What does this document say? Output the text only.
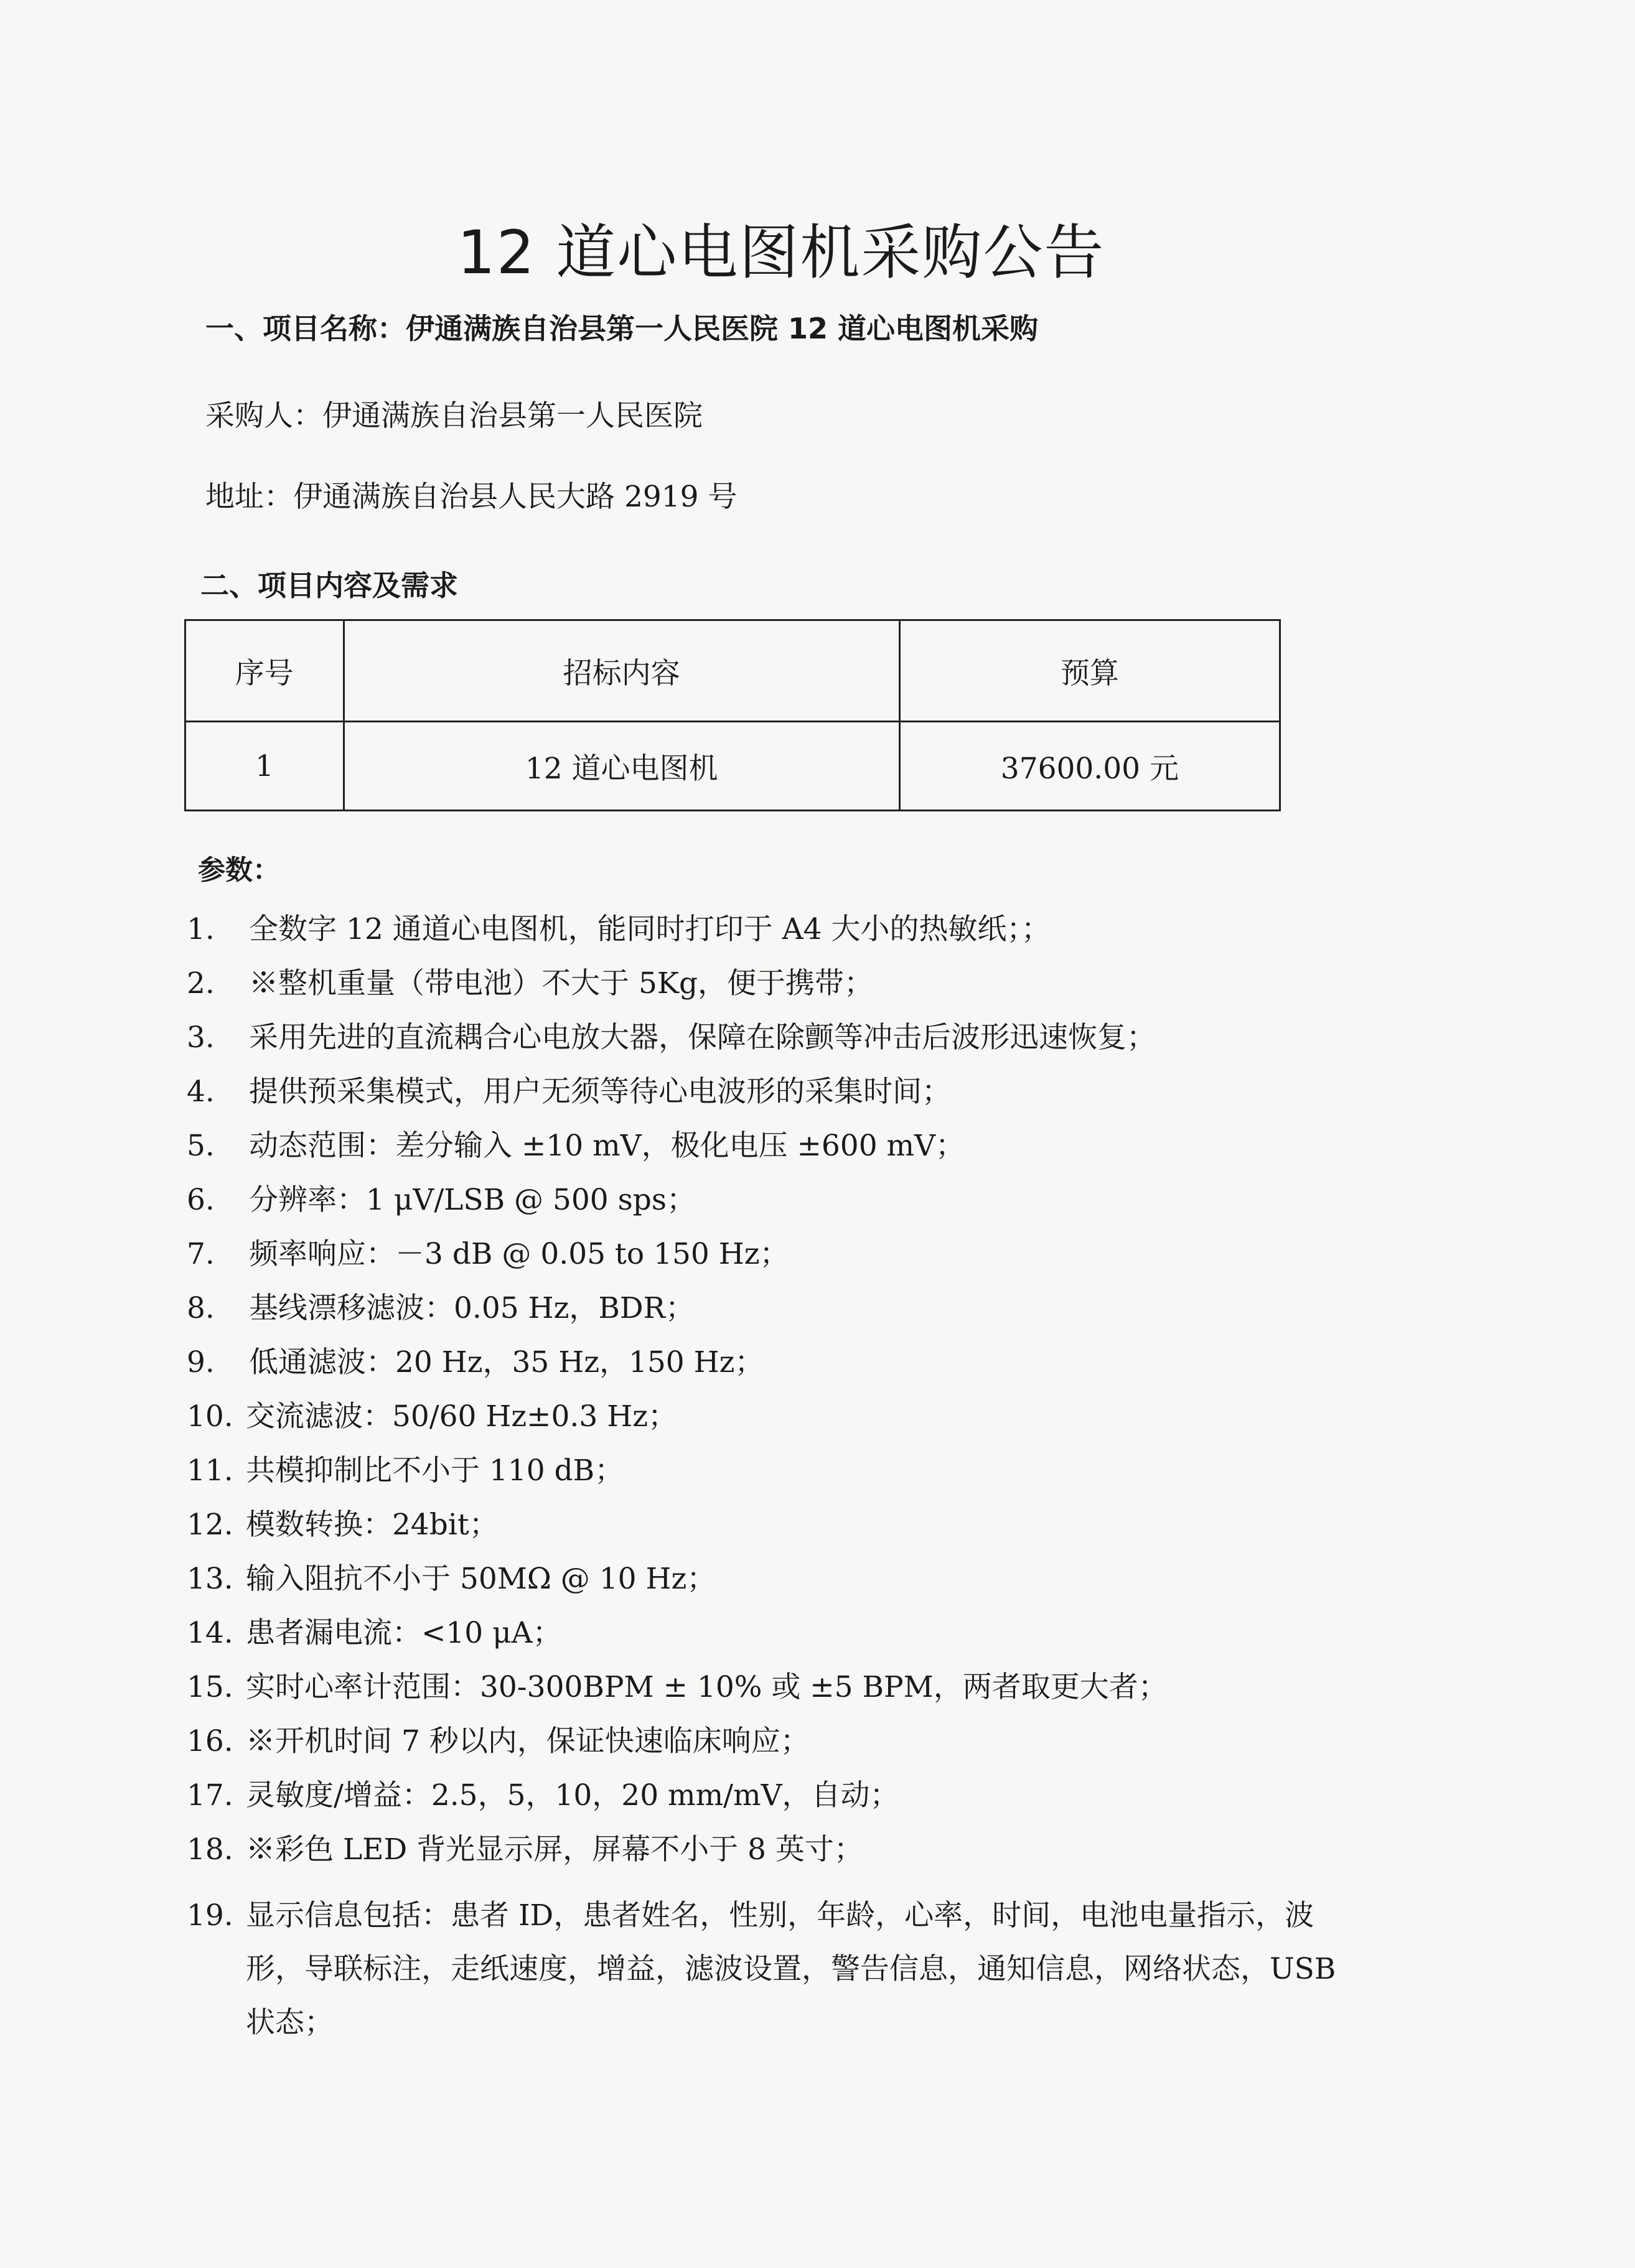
12 道心电图机采购公告
一、项目名称：伊通满族自治县第一人民医院 12 道心电图机采购
采购人：伊通满族自治县第一人民医院
地址：伊通满族自治县人民大路 2919 号
二、项目内容及需求
序号	招标内容	预算
1	12 道心电图机	37600.00 元
参数：
1. 全数字 12 通道心电图机，能同时打印于 A4 大小的热敏纸；；
2. ※整机重量（带电池）不大于 5Kg，便于携带；
3. 采用先进的直流耦合心电放大器，保障在除颤等冲击后波形迅速恢复；
4. 提供预采集模式，用户无须等待心电波形的采集时间；
5. 动态范围：差分输入 ±10 mV，极化电压 ±600 mV；
6. 分辨率：1 μV/LSB @ 500 sps；
7. 频率响应：－3 dB @ 0.05 to 150 Hz；
8. 基线漂移滤波：0.05 Hz，BDR；
9. 低通滤波：20 Hz，35 Hz，150 Hz；
10. 交流滤波：50/60 Hz±0.3 Hz；
11. 共模抑制比不小于 110 dB；
12. 模数转换：24bit；
13. 输入阻抗不小于 50MΩ @ 10 Hz；
14. 患者漏电流：<10 μA；
15. 实时心率计范围：30-300BPM ± 10% 或 ±5 BPM，两者取更大者；
16. ※开机时间 7 秒以内，保证快速临床响应；
17. 灵敏度/增益：2.5，5，10，20 mm/mV，自动；
18. ※彩色 LED 背光显示屏，屏幕不小于 8 英寸；
19. 显示信息包括：患者 ID，患者姓名，性别，年龄，心率，时间，电池电量指示，波形，导联标注，走纸速度，增益，滤波设置，警告信息，通知信息，网络状态，USB 状态；
